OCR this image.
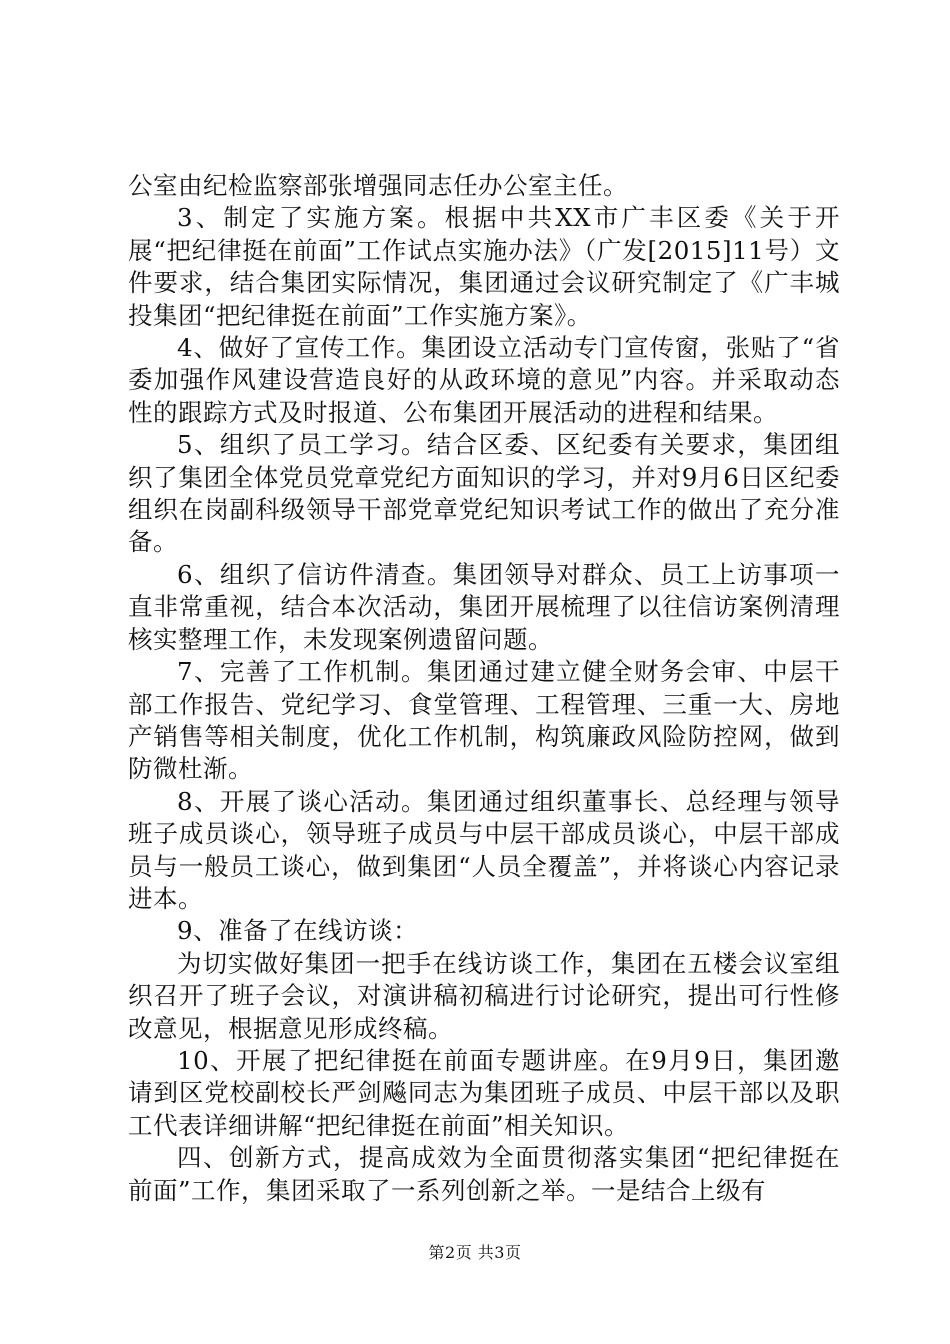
公室由纪检监察部张增强同志任办公室主任。

3、制定了实施方案。根据中共XX市广丰区委《关于开展“把纪律挺在前面”工作试点实施办法》（广发[2015]11号）文件要求，结合集团实际情况，集团通过会议研究制定了《广丰城投集团“把纪律挺在前面”工作实施方案》。

4、做好了宣传工作。集团设立活动专门宣传窗，张贴了“省委加强作风建设营造良好的从政环境的意见”内容。并采取动态性的跟踪方式及时报道、公布集团开展活动的进程和结果。

5、组织了员工学习。结合区委、区纪委有关要求，集团组织了集团全体党员党章党纪方面知识的学习，并对9月6日区纪委组织在岗副科级领导干部党章党纪知识考试工作的做出了充分准备。

6、组织了信访件清查。集团领导对群众、员工上访事项一直非常重视，结合本次活动，集团开展梳理了以往信访案例清理核实整理工作，未发现案例遗留问题。

7、完善了工作机制。集团通过建立健全财务会审、中层干部工作报告、党纪学习、食堂管理、工程管理、三重一大、房地产销售等相关制度，优化工作机制，构筑廉政风险防控网，做到防微杜渐。

8、开展了谈心活动。集团通过组织董事长、总经理与领导班子成员谈心，领导班子成员与中层干部成员谈心，中层干部成员与一般员工谈心，做到集团“人员全覆盖”，并将谈心内容记录进本。

9、准备了在线访谈：

为切实做好集团一把手在线访谈工作，集团在五楼会议室组织召开了班子会议，对演讲稿初稿进行讨论研究，提出可行性修改意见，根据意见形成终稿。

10、开展了把纪律挺在前面专题讲座。在9月9日，集团邀请到区党校副校长严剑飚同志为集团班子成员、中层干部以及职工代表详细讲解“把纪律挺在前面”相关知识。

四、创新方式，提高成效为全面贯彻落实集团“把纪律挺在前面”工作，集团采取了一系列创新之举。一是结合上级有

第2页 共3页
